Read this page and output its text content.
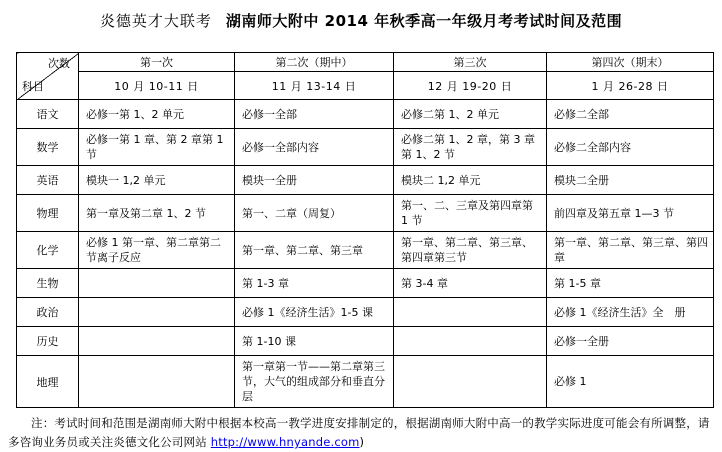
炎德英才大联考 湖南师大附中 2014 年秋季高一年级月考考试时间及范围
次数
科目	第一次	第二次（期中）	第三次	第四次（期末）
	10 月 10-11 日	11 月 13-14 日	12 月 19-20 日	1 月 26-28 日
语文	必修一第 1、2 单元	必修一全部	必修二第 1、2 单元	必修二全部
数学	必修一第 1 章、第 2 章第 1 节	必修一全部内容	必修二第 1、2 章，第 3 章第 1、2 节	必修二全部内容
英语	模块一 1,2 单元	模块一全册	模块二 1,2 单元	模块二全册
物理	第一章及第二章 1、2 节	第一、二章（周复）	第一、二、三章及第四章第 1 节	前四章及第五章 1—3 节
化学	必修 1 第一章、第二章第二节离子反应	第一章、第二章、第三章	第一章、第二章、第三章、第四章第三节	第一章、第二章、第三章、第四章
生物		第 1-3 章	第 3-4 章	第 1-5 章
政治		必修 1《经济生活》1-5 课		必修 1《经济生活》全　册
历史		第 1-10 课		必修一全册
地理		第一章第一节——第二章第三节，大气的组成部分和垂直分层		必修 1
注：考试时间和范围是湖南师大附中根据本校高一教学进度安排制定的，根据湖南师大附中高一的教学实际进度可能会有所调整，请多咨询业务员或关注炎德文化公司网站 http://www.hnyande.com)
